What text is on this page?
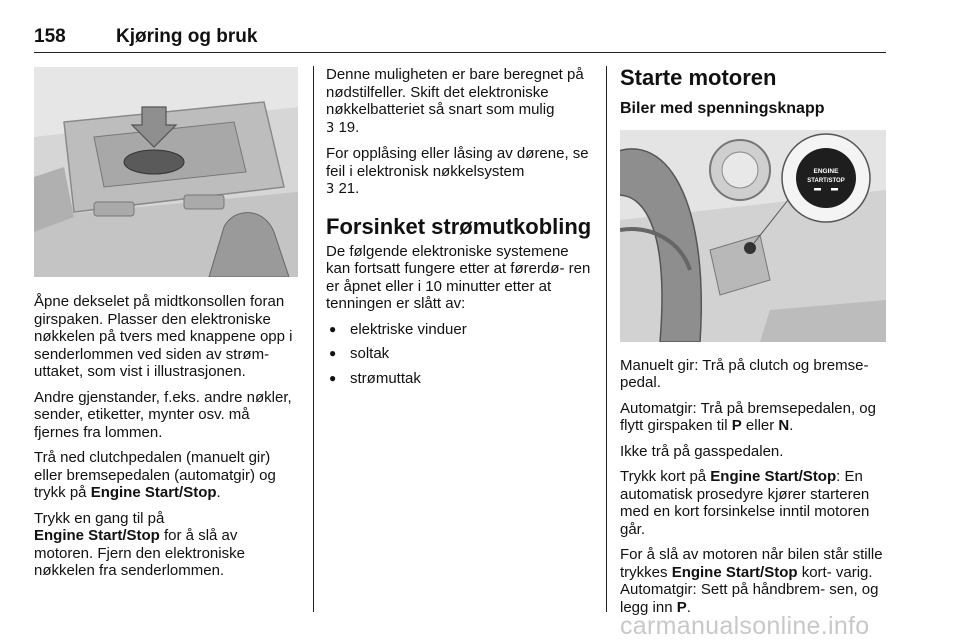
158	Kjøring og bruk

Åpne dekselet på midtkonsollen foran girspaken. Plasser den elektroniske nøkkelen på tvers med knappene opp i senderlommen ved siden av strøm- uttaket, som vist i illustrasjonen.

Andre gjenstander, f.eks. andre nøkler, sender, etiketter, mynter osv. må fjernes fra lommen.

Trå ned clutchpedalen (manuelt gir) eller bremsepedalen (automatgir) og trykk på Engine Start/Stop.

Trykk en gang til på
Engine Start/Stop for å slå av motoren. Fjern den elektroniske nøkkelen fra senderlommen.

Denne muligheten er bare beregnet på nødstilfeller. Skift det elektroniske nøkkelbatteriet så snart som mulig
3 19.

For opplåsing eller låsing av dørene, se feil i elektronisk nøkkelsystem
3 21.

Forsinket strømutkobling

De følgende elektroniske systemene kan fortsatt fungere etter at førerdø- ren er åpnet eller i 10 minutter etter at tenningen er slått av:

● elektriske vinduer
● soltak
● strømuttak
Starte motoren
Biler med spenningsknapp
ENGINE
START/STOP

Manuelt gir: Trå på clutch og bremse- pedal.

Automatgir: Trå på bremsepedalen, og flytt girspaken til P eller N.

Ikke trå på gasspedalen.

Trykk kort på Engine Start/Stop: En automatisk prosedyre kjører starteren med en kort forsinkelse inntil motoren går.

For å slå av motoren når bilen står stille trykkes Engine Start/Stop kort- varig. Automatgir: Sett på håndbrem- sen, og legg inn P.

carmanualsonline.info
